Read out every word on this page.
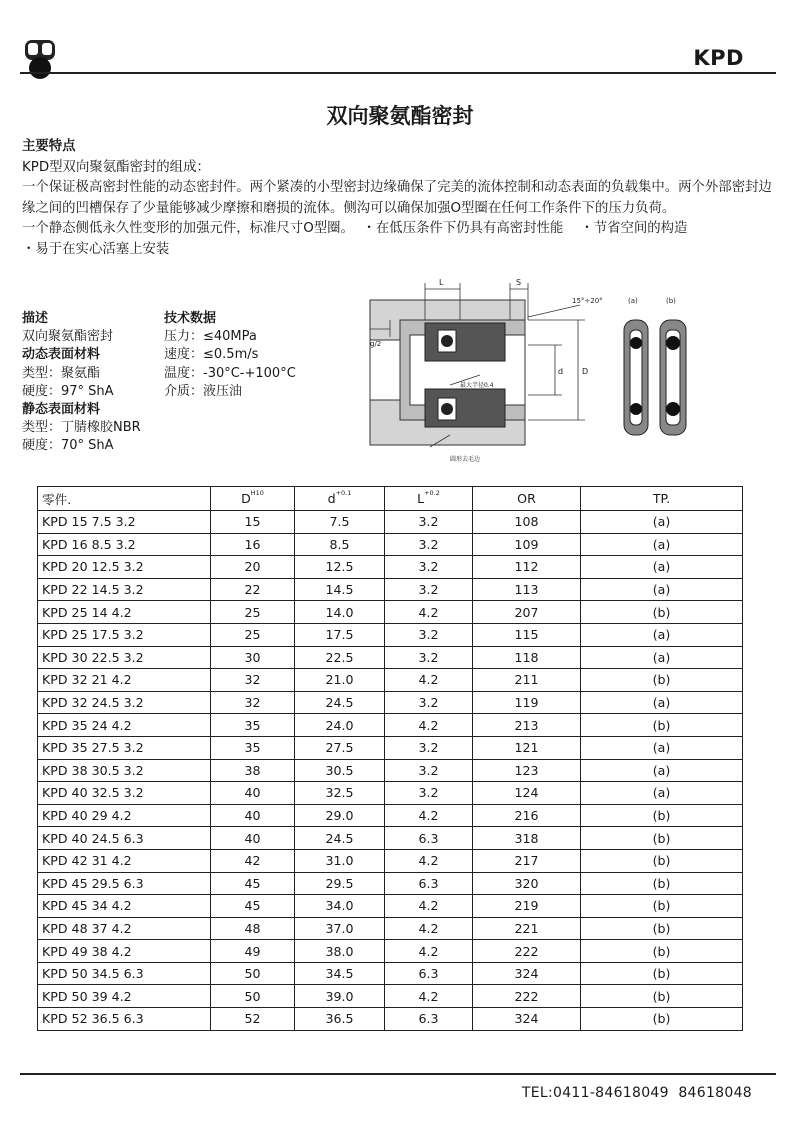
KPD
双向聚氨酯密封
主要特点
KPD型双向聚氨酯密封的组成：
一个保证极高密封性能的动态密封件。两个紧凑的小型密封边缘确保了完美的流体控制和动态表面的负载集中。两个外部密封边缘之间的凹槽保存了少量能够减少摩擦和磨损的流体。侧沟可以确保加强O型圈在任何工作条件下的压力负荷。
一个静态侧低永久性变形的加强元件，标准尺寸O型圈。  ・在低压条件下仍具有高密封性能    ・节省空间的构造
・易于在实心活塞上安装
描述
双向聚氨酯密封
动态表面材料
类型：聚氨酯
硬度：97° ShA
静态表面材料
类型：丁腈橡胶NBR
硬度：70° ShA
技术数据
压力：≤40MPa
速度：≤0.5m/s
温度：-30°C-+100°C
介质：液压油
L	S
15°÷20°
g/2
d D
最大半径0.4
圆形去毛边
(a)	(b)
零件.	$D^{H10}$	$d^{+0.1}$	$L^{+0.2}$	OR	TP.
KPD 15 7.5 3.2	15	7.5	3.2	108	(a)
KPD 16 8.5 3.2	16	8.5	3.2	109	(a)
KPD 20 12.5 3.2	20	12.5	3.2	112	(a)
KPD 22 14.5 3.2	22	14.5	3.2	113	(a)
KPD 25 14 4.2	25	14.0	4.2	207	(b)
KPD 25 17.5 3.2	25	17.5	3.2	115	(a)
KPD 30 22.5 3.2	30	22.5	3.2	118	(a)
KPD 32 21 4.2	32	21.0	4.2	211	(b)
KPD 32 24.5 3.2	32	24.5	3.2	119	(a)
KPD 35 24 4.2	35	24.0	4.2	213	(b)
KPD 35 27.5 3.2	35	27.5	3.2	121	(a)
KPD 38 30.5 3.2	38	30.5	3.2	123	(a)
KPD 40 32.5 3.2	40	32.5	3.2	124	(a)
KPD 40 29 4.2	40	29.0	4.2	216	(b)
KPD 40 24.5 6.3	40	24.5	6.3	318	(b)
KPD 42 31 4.2	42	31.0	4.2	217	(b)
KPD 45 29.5 6.3	45	29.5	6.3	320	(b)
KPD 45 34 4.2	45	34.0	4.2	219	(b)
KPD 48 37 4.2	48	37.0	4.2	221	(b)
KPD 49 38 4.2	49	38.0	4.2	222	(b)
KPD 50 34.5 6.3	50	34.5	6.3	324	(b)
KPD 50 39 4.2	50	39.0	4.2	222	(b)
KPD 52 36.5 6.3	52	36.5	6.3	324	(b)
TEL:0411-84618049  84618048
